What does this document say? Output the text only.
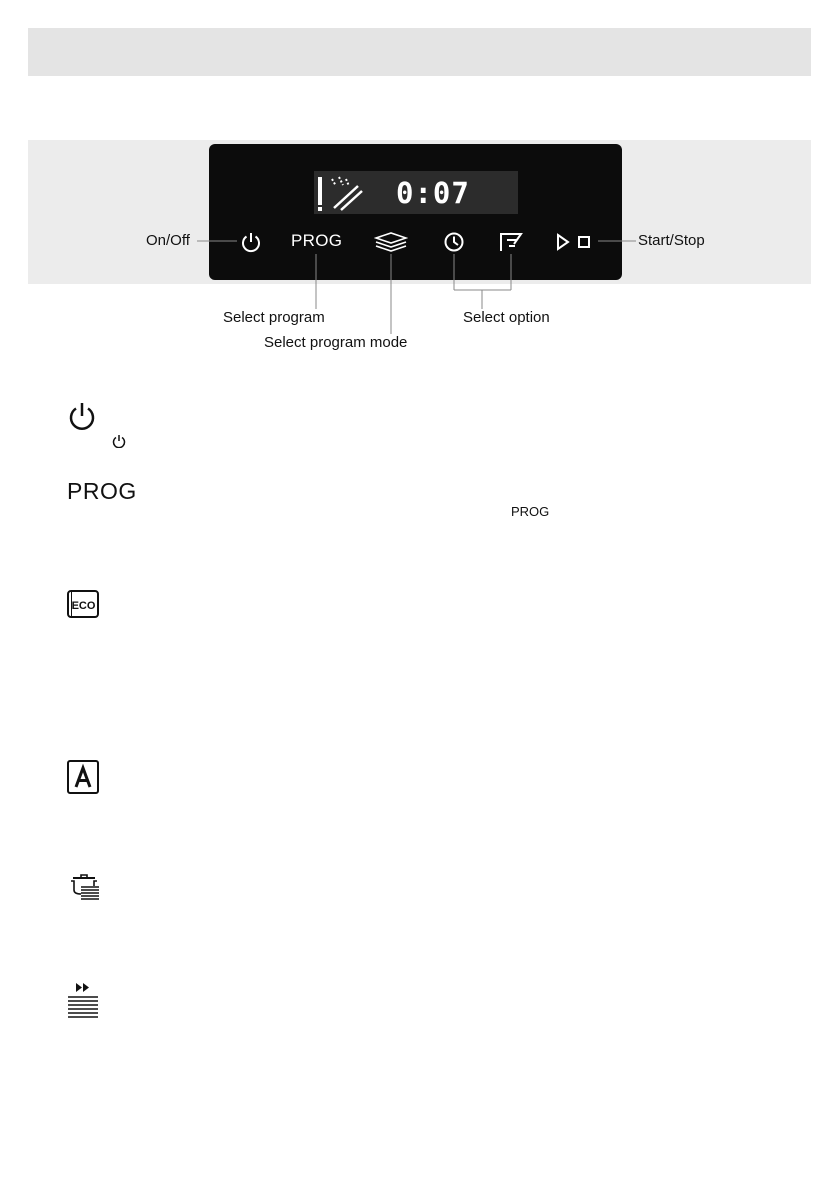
0:07
PROG
On/Off	Start/Stop
Select program	Select option
Select program mode
PROG
PROG
ECO
